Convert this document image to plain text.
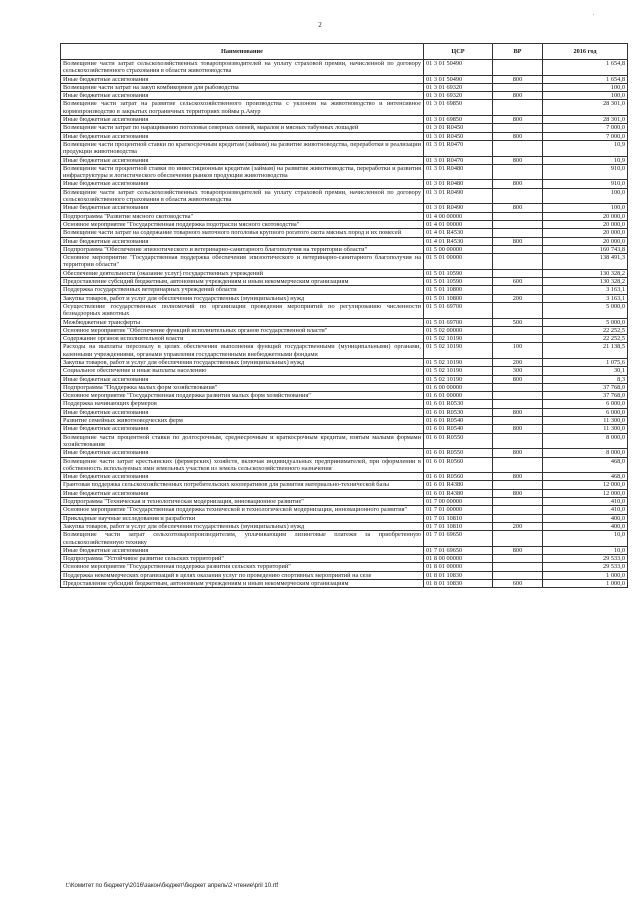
2
′
Наименование	ЦСР	ВР	2016 год
Возмещение части затрат сельскохозяйственных товаропроизводителей на уплату страховой премии, начисленной по договору сельскохозяйственного страхования в области животноводства	01 3 01 50490		1 654,8
Иные бюджетные ассигнования	01 3 01 50490	800	1 654,8
Возмещение части затрат на закуп комбикормов для рыбоводства	01 3 01 69320		100,0
Иные бюджетные ассигнования	01 3 01 69320	800	100,0
Возмещение части затрат на развитие сельскохозяйственного производства с уклоном на животноводство и интенсивное кормопроизводство в закрытых пограничных территориях поймы р.Амур	01 3 01 69850		28 301,0
Иные бюджетные ассигнования	01 3 01 69850	800	28 301,0
Возмещение части затрат по наращиванию поголовья северных оленей, маралов и мясных табунных лошадей	01 3 01 R0450		7 000,0
Иные бюджетные ассигнования	01 3 01 R0450	800	7 000,0
Возмещение части процентной ставки по краткосрочным кредитам (займам) на развитие животноводства, переработки и реализации продукции животноводства	01 3 01 R0470		10,9
Иные бюджетные ассигнования	01 3 01 R0470	800	10,9
Возмещение части процентной ставки по инвестиционным кредитам (займам) на развитие животноводства, переработки и развития инфраструктуры и логистического обеспечения рынков продукции животноводства	01 3 01 R0480		910,0
Иные бюджетные ассигнования	01 3 01 R0480	800	910,0
Возмещение части затрат сельскохозяйственных товаропроизводителей на уплату страховой премии, начисленной по договору сельскохозяйственного страхования в области животноводства	01 3 01 R0490		100,0
Иные бюджетные ассигнования	01 3 01 R0490	800	100,0
Подпрограмма "Развитие мясного скотоводства"	01 4 00 00000		20 000,0
Основное мероприятие "Государственная поддержка подотрасли мясного скотоводства"	01 4 01 00000		20 000,0
Возмещение части затрат на содержание товарного маточного поголовья крупного рогатого скота мясных пород и их помесей	01 4 01 R4530		20 000,0
Иные бюджетные ассигнования	01 4 01 R4530	800	20 000,0
Подпрограмма "Обеспечение эпизоотического и ветеринарно-санитарного благополучия на территории области"	01 5 00 00000		160 743,8
Основное мероприятие "Государственная поддержка обеспечения эпизоотического и ветеринарно-санитарного благополучия на территории области"	01 5 01 00000		138 491,3
Обеспечение деятельности (оказание услуг) государственных учреждений	01 5 01 10590		130 328,2
Предоставление субсидий бюджетным, автономным учреждениям и иным некоммерческим организациям	01 5 01 10590	600	130 328,2
Поддержка государственных ветеринарных учреждений области	01 5 01 10800		3 163,1
Закупка товаров, работ и услуг для обеспечения государственных (муниципальных) нужд	01 5 01 10800	200	3 163,1
Осуществление государственных полномочий по организации проведения мероприятий по регулированию численности безнадзорных животных	01 5 01 69700		5 000,0
Межбюджетные трансферты	01 5 01 69700	500	5 000,0
Основное мероприятие "Обеспечение функций исполнительных органов государственной власти"	01 5 02 00000		22 252,5
Содержание органов исполнительной власти	01 5 02 10190		22 252,5
Расходы на выплаты персоналу в целях обеспечения выполнения функций государственными (муниципальными) органами, казенными учреждениями, органами управления государственными внебюджетными фондами	01 5 02 10190	100	21 138,5
Закупка товаров, работ и услуг для обеспечения государственных (муниципальных) нужд	01 5 02 10190	200	1 075,6
Социальное обеспечение и иные выплаты населению	01 5 02 10190	300	30,1
Иные бюджетные ассигнования	01 5 02 10190	800	8,3
Подпрограмма "Поддержка малых форм хозяйствования"	01 6 00 00000		37 768,0
Основное мероприятие "Государственная поддержка развития малых форм хозяйствования"	01 6 01 00000		37 768,0
Поддержка начинающих фермеров	01 6 01 R0530		6 000,0
Иные бюджетные ассигнования	01 6 01 R0530	800	6 000,0
Развитие семейных животноводческих ферм	01 6 01 R0540		11 300,0
Иные бюджетные ассигнования	01 6 01 R0540	800	11 300,0
Возмещение части процентной ставки по долгосрочным, среднесрочным и краткосрочным кредитам, взятым малыми формами хозяйствования	01 6 01 R0550		8 000,0
Иные бюджетные ассигнования	01 6 01 R0550	800	8 000,0
Возмещение части затрат крестьянских (фермерских) хозяйств, включая индивидуальных предпринимателей, при оформлении в собственность используемых ими земельных участков из земель сельскохозяйственного назначения	01 6 01 R0560		468,0
Иные бюджетные ассигнования	01 6 01 R0560	800	468,0
Грантовая поддержка сельскохозяйственных потребительских кооперативов для развития материально-технической базы	01 6 01 R4380		12 000,0
Иные бюджетные ассигнования	01 6 01 R4380	800	12 000,0
Подпрограмма "Техническая и технологическая модернизация, инновационное развитие"	01 7 00 00000		410,0
Основное мероприятие "Государственная поддержка технической и технологической модернизации, инновационного развития"	01 7 01 00000		410,0
Прикладные научные исследования и разработки	01 7 01 10810		400,0
Закупка товаров, работ и услуг для обеспечения государственных (муниципальных) нужд	01 7 01 10810	200	400,0
Возмещение части затрат сельхозтоваропроизводителям, уплачивающим лизинговые платежи за приобретенную сельскохозяйственную технику	01 7 01 69650		10,0
Иные бюджетные ассигнования	01 7 01 69650	800	10,0
Подпрограмма "Устойчивое развитие сельских территорий"	01 8 00 00000		29 533,0
Основное мероприятие "Государственная поддержка развития сельских территорий"	01 8 01 00000		29 533,0
Поддержка некоммерческих организаций в целях оказания услуг по проведению спортивных мероприятий на селе	01 8 01 10830		1 000,0
Предоставление субсидий бюджетным, автономным учреждениям и иным некоммерческим организациям	01 8 01 10830	600	1 000,0
t:\Комитет по бюджету\2016\закон\бюджет\бюджет апрель\2 чтение\pril 10.rtf
